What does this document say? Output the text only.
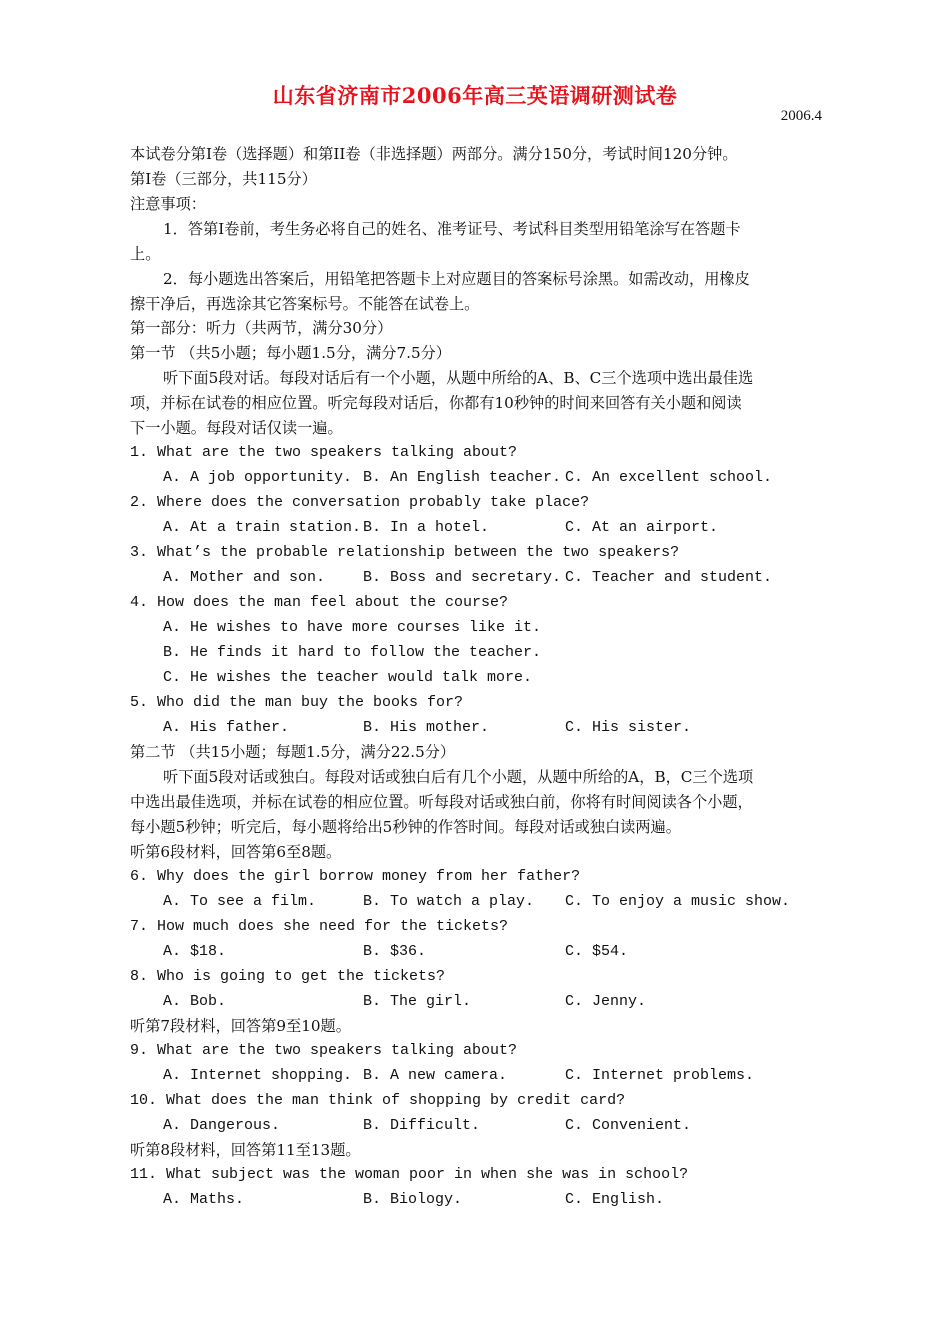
山东省济南市2006年高三英语调研测试卷
2006.4
本试卷分第Ⅰ卷（选择题）和第II卷（非选择题）两部分。满分150分，考试时间120分钟。
第Ⅰ卷（三部分，共115分）
注意事项：
1．答第Ⅰ卷前，考生务必将自己的姓名、准考证号、考试科目类型用铅笔涂写在答题卡
上。
2．每小题选出答案后，用铅笔把答题卡上对应题目的答案标号涂黑。如需改动，用橡皮
擦干净后，再选涂其它答案标号。不能答在试卷上。
第一部分：听力（共两节，满分30分）
第一节 （共5小题；每小题1.5分，满分7.5分）
听下面5段对话。每段对话后有一个小题，从题中所给的A、B、C三个选项中选出最佳选
项，并标在试卷的相应位置。听完每段对话后，你都有10秒钟的时间来回答有关小题和阅读
下一小题。每段对话仅读一遍。
1. What are the two speakers talking about?
A. A job opportunity. B. An English teacher. C. An excellent school.
2. Where does the conversation probably take place?
A. At a train station. B. In a hotel.	C. At an airport.
3. What’s the probable relationship between the two speakers?
A. Mother and son.	B. Boss and secretary. C. Teacher and student.
4. How does the man feel about the course?
A. He wishes to have more courses like it.
B. He finds it hard to follow the teacher.
C. He wishes the teacher would talk more.
5. Who did the man buy the books for?
A. His father.	B. His mother.	C. His sister.
第二节 （共15小题；每题1.5分，满分22.5分）
听下面5段对话或独白。每段对话或独白后有几个小题，从题中所给的A，B，C三个选项
中选出最佳选项，并标在试卷的相应位置。听每段对话或独白前，你将有时间阅读各个小题，
每小题5秒钟；听完后，每小题将给出5秒钟的作答时间。每段对话或独白读两遍。
听第6段材料，回答第6至8题。
6. Why does the girl borrow money from her father?
A. To see a film.	B. To watch a play. C. To enjoy a music show.
7. How much does she need for the tickets?
A. $18.	B. $36.	C. $54.
8. Who is going to get the tickets?
A. Bob.	B. The girl.	C. Jenny.
听第7段材料，回答第9至10题。
9. What are the two speakers talking about?
A. Internet shopping. B. A new camera.	C. Internet problems.
10. What does the man think of shopping by credit card?
A. Dangerous.	B. Difficult.	C. Convenient.
听第8段材料，回答第11至13题。
11. What subject was the woman poor in when she was in school?
A. Maths.	B. Biology.	C. English.
